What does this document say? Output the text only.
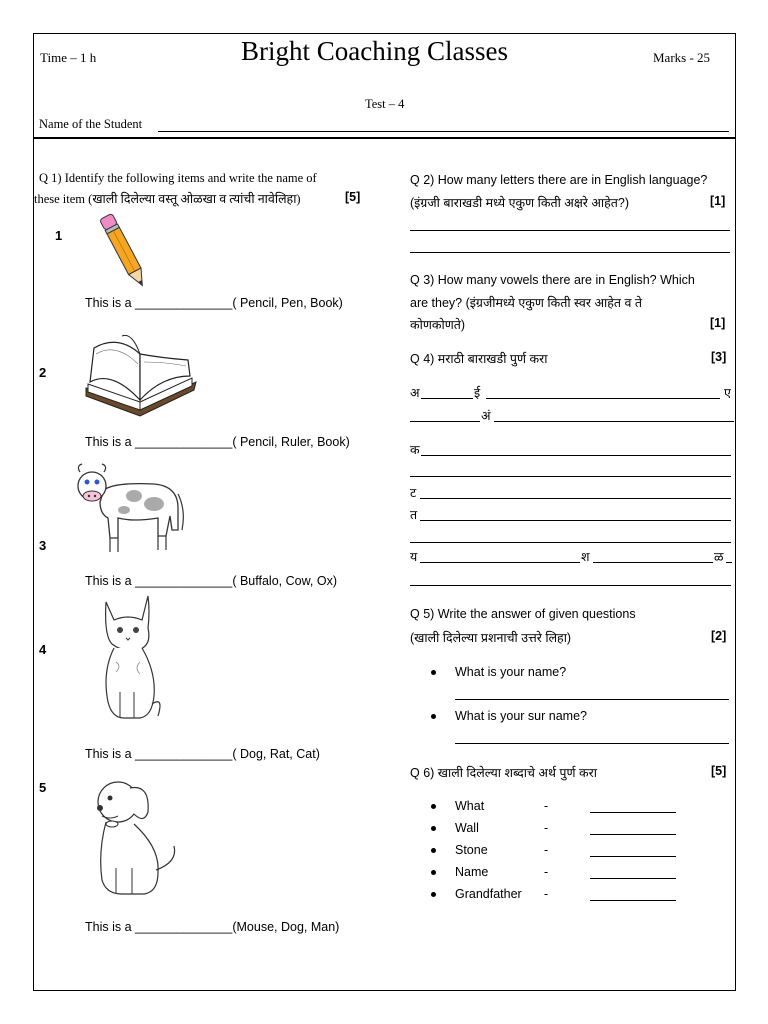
Time – 1 h	Bright Coaching Classes	Marks - 25
Test – 4
Name of the Student
Q 1) Identify the following items and write the name of
these item (खाली दिलेल्या वस्तू ओळखा व त्यांची नावेलिहा)	[5]
1
This is a ______________( Pencil, Pen, Book)
2
This is a ______________( Pencil, Ruler, Book)
3
This is a ______________( Buffalo, Cow, Ox)
4
This is a ______________( Dog, Rat, Cat)
5
This is a ______________(Mouse, Dog, Man)
Q 2) How many letters there are in English language?
(इंग्रजी बाराखडी मध्ये एकुण किती अक्षरे आहेत?)	[1]
Q 3) How many vowels there are in English? Which
are they? (इंग्रजीमध्ये एकुण किती स्वर आहेत व ते
कोणकोणते)	[1]
Q 4) मराठी बाराखडी पुर्ण करा	[3]
अ	ई	ए
अं
क
ट
त
य	श	ळ
Q 5) Write the answer of given questions
(खाली दिलेल्या प्रशनाची उत्तरे लिहा)	[2]
What is your name?
What is your sur name?
Q 6) खाली दिलेल्या शब्दाचे अर्थ पुर्ण करा	[5]
What	-
Wall	-
Stone	-
Name	-
Grandfather -
